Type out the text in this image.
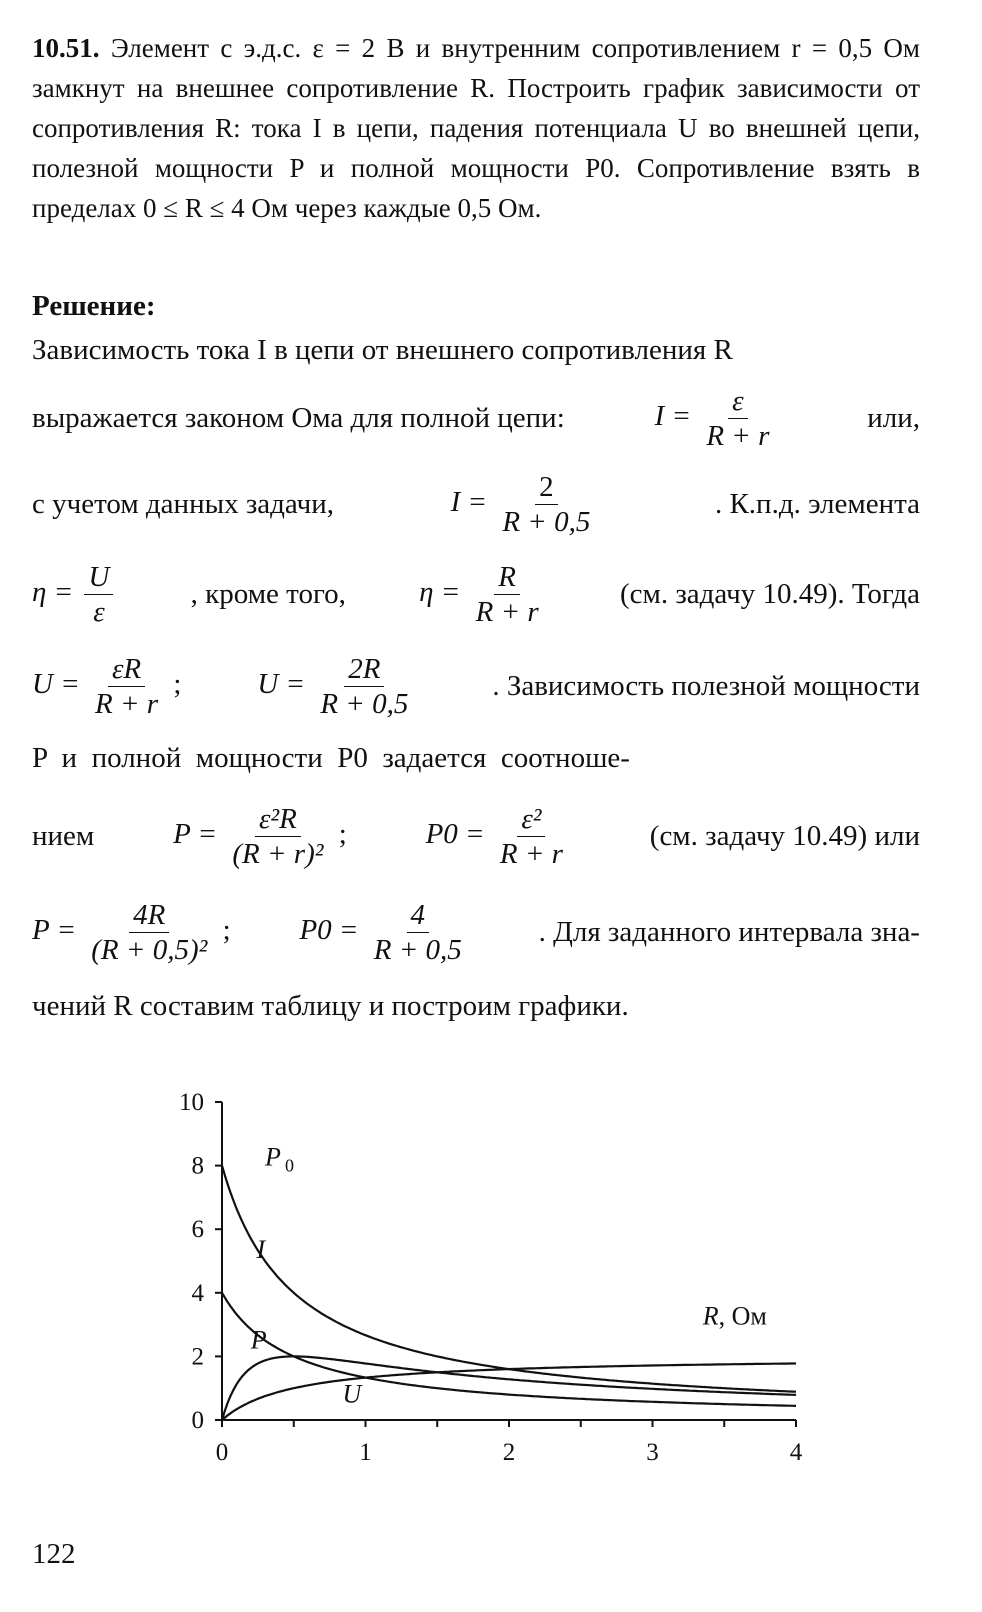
10.51. Элемент с э.д.с. ε = 2 В и внутренним сопротивлением r = 0,5 Ом замкнут на внешнее сопротивление R. Построить график зависимости от сопротивления R: тока I в цепи, падения потенциала U во внешней цепи, полезной мощности P и полной мощности P0. Сопротивление взять в пределах 0 ≤ R ≤ 4 Ом через каждые 0,5 Ом.
Решение:
Зависимость тока I в цепи от внешнего сопротивления R
выражается законом Ома для полной цепи:	$I = \frac{\varepsilon}{R + r}$	или,
с учетом данных задачи,	$I = \frac{2}{R + 0,5}$	. К.п.д. элемента
$\eta = \frac{U}{\varepsilon}$	, кроме того,	$\eta = \frac{R}{R + r}$	(см. задачу 10.49). Тогда
$U = \frac{\varepsilon R}{R + r}$ ;	$U = \frac{2R}{R + 0,5}$	. Зависимость полезной мощности
P  и  полной  мощности  P0  задается  соотноше-
нием	$P = \frac{\text{ε²R}}{\text{(R + r)²}}$ ;	$P0 = \frac{\text{ε²}}{R + r}$	(см. задачу 10.49) или
$P = \frac{4R}{\text{(R + 0,5)²}}$ ; $P0 = \frac{4}{R + 0,5}$	. Для заданного интервала зна-
чений R составим таблицу и построим графики.
0
2
4
6
8
10
0	1	2	3	4
P $_0$
I
P
U
R, Ом
122
